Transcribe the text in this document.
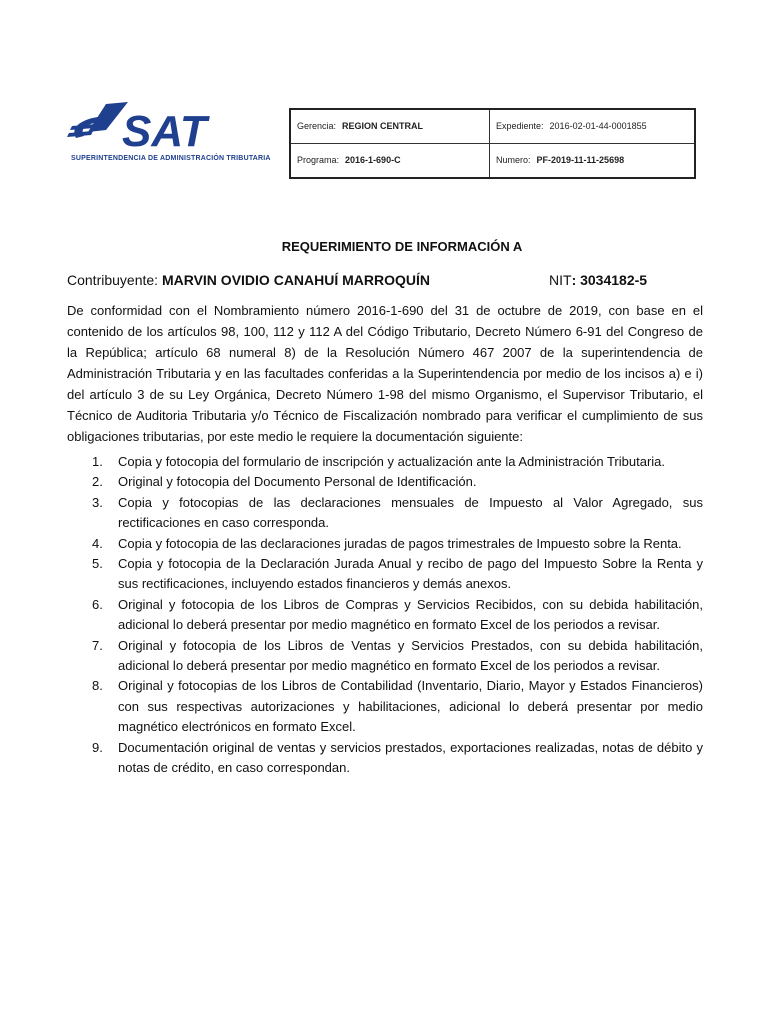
SAT
SUPERINTENDENCIA DE ADMINISTRACIÓN TRIBUTARIA
Gerencia: REGION CENTRAL	Expediente: 2016-02-01-44-0001855
Programa: 2016-1-690-C	Numero: PF-2019-11-11-25698
REQUERIMIENTO DE INFORMACIÓN A
Contribuyente: MARVIN OVIDIO CANAHUÍ MARROQUÍN	NIT: 3034182-5
De conformidad con el Nombramiento número 2016-1-690 del 31 de octubre de 2019, con base en el contenido de los artículos 98, 100, 112 y 112 A del Código Tributario, Decreto Número 6-91 del Congreso de la República; artículo 68 numeral 8) de la Resolución Número 467 2007 de la superintendencia de Administración Tributaria y en las facultades conferidas a la Superintendencia por medio de los incisos a) e i) del artículo 3 de su Ley Orgánica, Decreto Número 1-98 del mismo Organismo, el Supervisor Tributario, el Técnico de Auditoria Tributaria y/o Técnico de Fiscalización nombrado para verificar el cumplimiento de sus obligaciones tributarias, por este medio le requiere la documentación siguiente:
1. Copia y fotocopia del formulario de inscripción y actualización ante la Administración Tributaria.
2. Original y fotocopia del Documento Personal de Identificación.
3. Copia y fotocopias de las declaraciones mensuales de Impuesto al Valor Agregado, sus rectificaciones en caso corresponda.
4. Copia y fotocopia de las declaraciones juradas de pagos trimestrales de Impuesto sobre la Renta.
5. Copia y fotocopia de la Declaración Jurada Anual y recibo de pago del Impuesto Sobre la Renta y sus rectificaciones, incluyendo estados financieros y demás anexos.
6. Original y fotocopia de los Libros de Compras y Servicios Recibidos, con su debida habilitación, adicional lo deberá presentar por medio magnético en formato Excel de los periodos a revisar.
7. Original y fotocopia de los Libros de Ventas y Servicios Prestados, con su debida habilitación, adicional lo deberá presentar por medio magnético en formato Excel de los periodos a revisar.
8. Original y fotocopias de los Libros de Contabilidad (Inventario, Diario, Mayor y Estados Financieros) con sus respectivas autorizaciones y habilitaciones, adicional lo deberá presentar por medio magnético electrónicos en formato Excel.
9. Documentación original de ventas y servicios prestados, exportaciones realizadas, notas de débito y notas de crédito, en caso correspondan.
